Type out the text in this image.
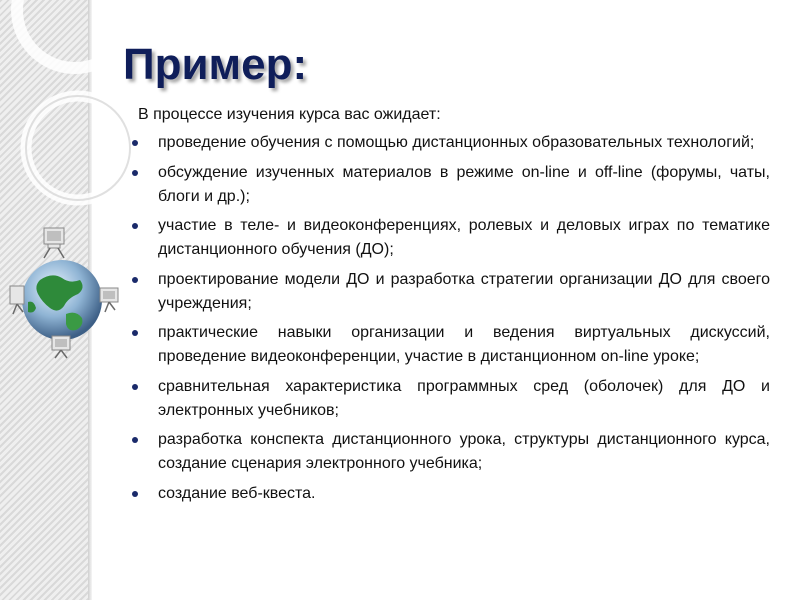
Пример:
В процессе изучения курса вас ожидает:
проведение обучения с помощью дистанционных образовательных технологий;
обсуждение изученных материалов в режиме on-line и off-line (форумы, чаты, блоги и др.);
участие в теле- и видеоконференциях, ролевых и деловых играх по тематике дистанционного обучения (ДО);
проектирование модели ДО и разработка стратегии организации ДО для своего учреждения;
практические навыки организации и ведения виртуальных дискуссий, проведение видеоконференции, участие в дистанционном on-line уроке;
сравнительная характеристика программных сред (оболочек) для ДО и электронных учебников;
разработка конспекта дистанционного урока, структуры дистанционного курса, создание сценария электронного учебника;
создание веб-квеста.
